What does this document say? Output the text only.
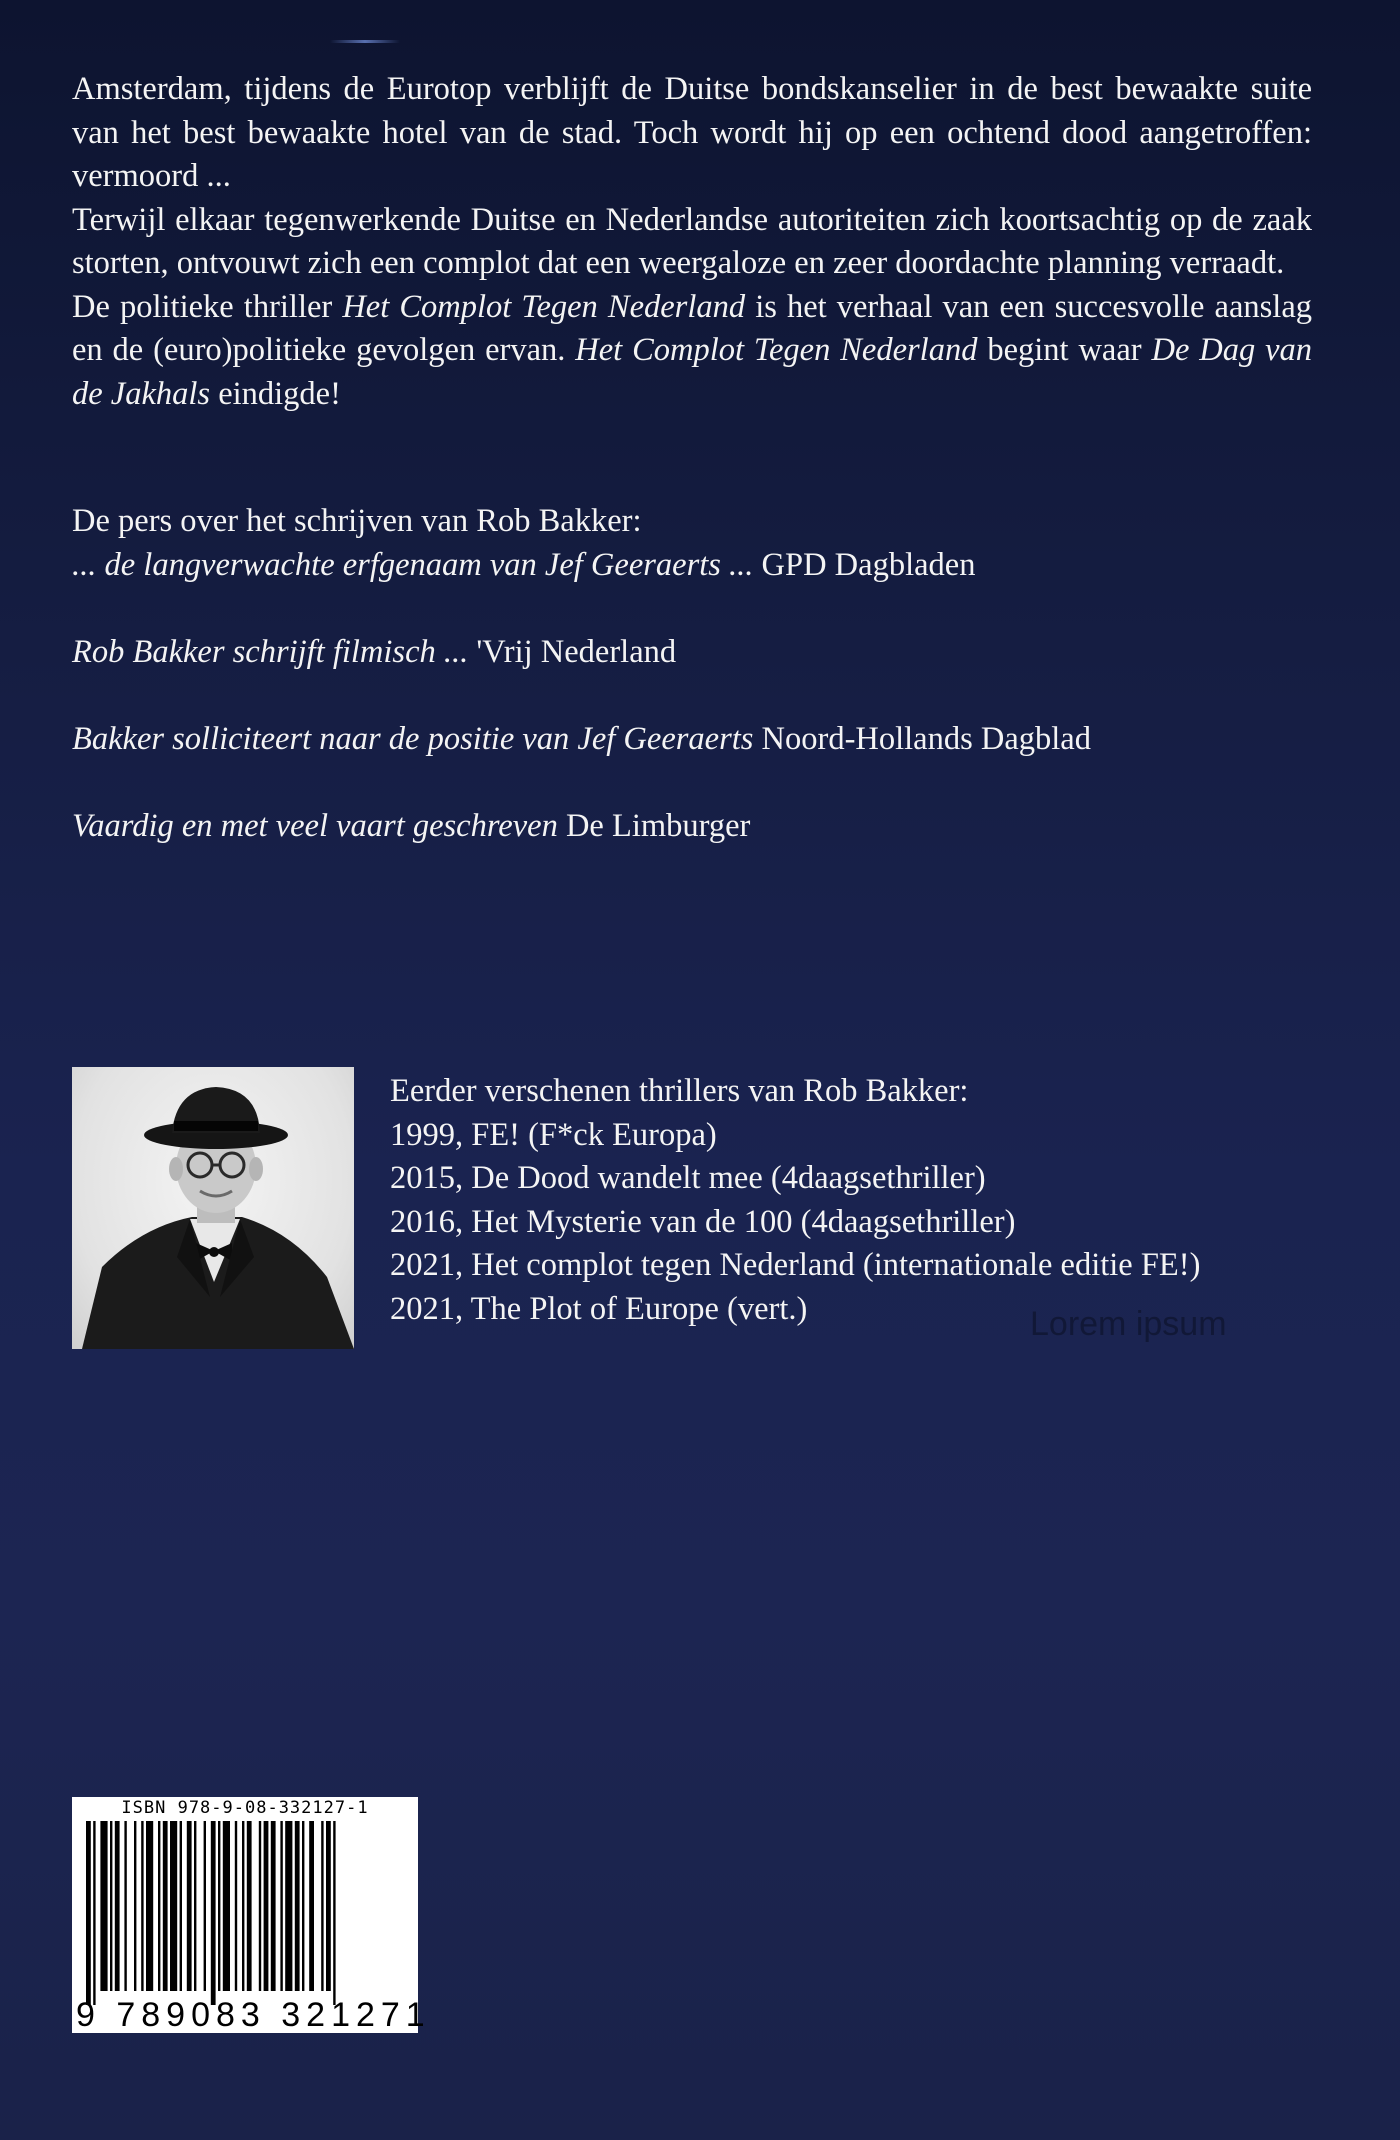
Amsterdam, tijdens de Eurotop verblijft de Duitse bondskanselier in de best bewaakte suite van het best bewaakte hotel van de stad. Toch wordt hij op een ochtend dood aangetroffen: vermoord ...

Terwijl elkaar tegenwerkende Duitse en Nederlandse autoriteiten zich koortsachtig op de zaak storten, ontvouwt zich een complot dat een weergaloze en zeer doordachte planning verraadt.

De politieke thriller Het Complot Tegen Nederland is het verhaal van een succesvolle aanslag en de (euro)politieke gevolgen ervan. Het Complot Tegen Nederland begint waar De Dag van de Jakhals eindigde!

De pers over het schrijven van Rob Bakker:

... de langverwachte erfgenaam van Jef Geeraerts ... GPD Dagbladen

Rob Bakker schrijft filmisch ... 'Vrij Nederland

Bakker solliciteert naar de positie van Jef Geeraerts Noord-Hollands Dagblad

Vaardig en met veel vaart geschreven De Limburger

Eerder verschenen thrillers van Rob Bakker:
1999, FE! (F*ck Europa)
2015, De Dood wandelt mee (4daagsethriller)
2016, Het Mysterie van de 100 (4daagsethriller)
2021, Het complot tegen Nederland (internationale editie FE!)
2021, The Plot of Europe (vert.)	Lorem ipsum
ISBN 978-9-08-332127-1
9 789083 321271
